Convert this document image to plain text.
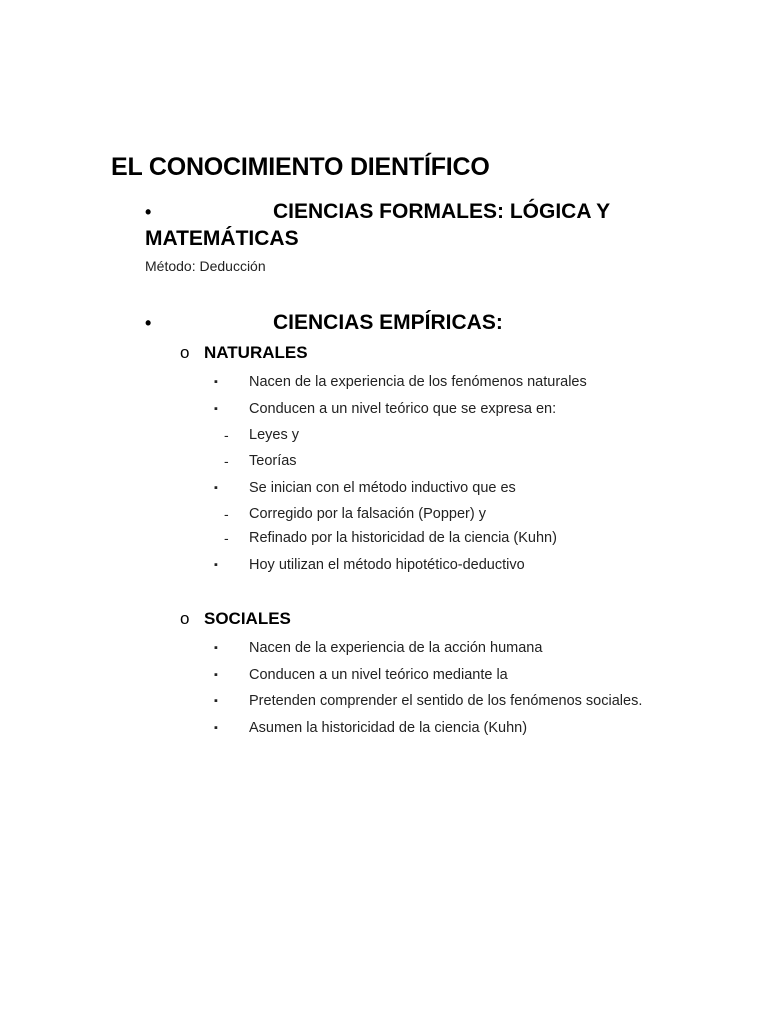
EL CONOCIMIENTO DIENTÍFICO
•	CIENCIAS FORMALES: LÓGICA Y
MATEMÁTICAS
Método: Deducción
•	CIENCIAS EMPÍRICAS:
o NATURALES
▪ Nacen de la experiencia de los fenómenos naturales
▪ Conducen a un nivel teórico que se expresa en:
- Leyes y
- Teorías
▪ Se inician con el método inductivo que es
- Corregido por la falsación (Popper) y
- Refinado por la historicidad de la ciencia (Kuhn)
▪ Hoy utilizan el método hipotético-deductivo
o SOCIALES
▪ Nacen de la experiencia de la acción humana
▪ Conducen a un nivel teórico mediante la
▪ Pretenden comprender el sentido de los fenómenos sociales.
▪ Asumen la historicidad de la ciencia (Kuhn)
